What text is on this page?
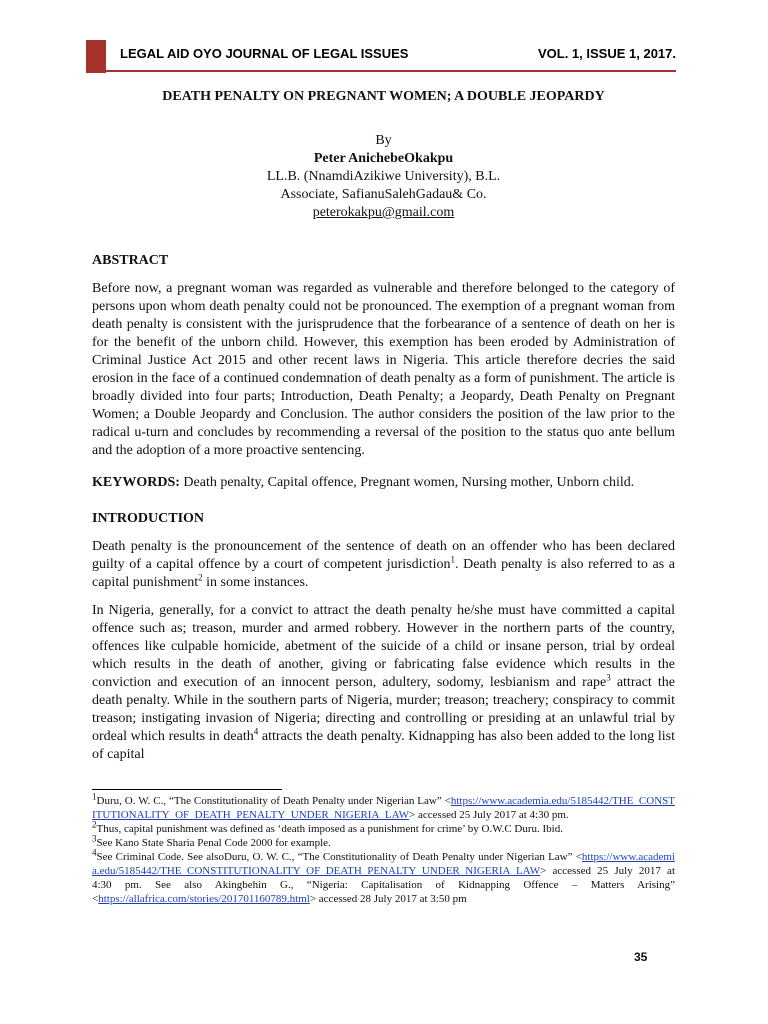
LEGAL AID OYO JOURNAL OF LEGAL ISSUES	VOL. 1, ISSUE 1, 2017.
DEATH PENALTY ON PREGNANT WOMEN; A DOUBLE JEOPARDY
By
Peter AnichebeOkakpu
LL.B. (NnamdiAzikiwe University), B.L.
Associate, SafianuSalehGadau& Co.
peterokakpu@gmail.com
ABSTRACT

Before now, a pregnant woman was regarded as vulnerable and therefore belonged to the category of persons upon whom death penalty could not be pronounced. The exemption of a pregnant woman from death penalty is consistent with the jurisprudence that the forbearance of a sentence of death on her is for the benefit of the unborn child. However, this exemption has been eroded by Administration of Criminal Justice Act 2015 and other recent laws in Nigeria. This article therefore decries the said erosion in the face of a continued condemnation of death penalty as a form of punishment. The article is broadly divided into four parts; Introduction, Death Penalty; a Jeopardy, Death Penalty on Pregnant Women; a Double Jeopardy and Conclusion. The author considers the position of the law prior to the radical u-turn and concludes by recommending a reversal of the position to the status quo ante bellum and the adoption of a more proactive sentencing.

KEYWORDS: Death penalty, Capital offence, Pregnant women, Nursing mother, Unborn child.

INTRODUCTION

Death penalty is the pronouncement of the sentence of death on an offender who has been declared guilty of a capital offence by a court of competent jurisdiction$^1$. Death penalty is also referred to as a capital punishment$^2$ in some instances.

In Nigeria, generally, for a convict to attract the death penalty he/she must have committed a capital offence such as; treason, murder and armed robbery. However in the northern parts of the country, offences like culpable homicide, abetment of the suicide of a child or insane person, trial by ordeal which results in the death of another, giving or fabricating false evidence which results in the conviction and execution of an innocent person, adultery, sodomy, lesbianism and rape$^3$ attract the death penalty. While in the southern parts of Nigeria, murder; treason; treachery; conspiracy to commit treason; instigating invasion of Nigeria; directing and controlling or presiding at an unlawful trial by ordeal which results in death$^4$ attracts the death penalty. Kidnapping has also been added to the long list of capital

$^1$Duru, O. W. C., “The Constitutionality of Death Penalty under Nigerian Law” <https://www.academia.edu/5185442/THE_CONSTITUTIONALITY_OF_DEATH_PENALTY_UNDER_NIGERIA_LAW> accessed 25 July 2017 at 4:30 pm.

$^2$Thus, capital punishment was defined as ‘death imposed as a punishment for crime’ by O.W.C Duru. Ibid.

$^3$See Kano State Sharia Penal Code 2000 for example.

$^4$See Criminal Code. See alsoDuru, O. W. C., “The Constitutionality of Death Penalty under Nigerian Law” <https://www.academia.edu/5185442/THE_CONSTITUTIONALITY_OF_DEATH_PENALTY_UNDER_NIGERIA_LAW> accessed 25 July 2017 at 4:30 pm. See also Akingbehin G., “Nigeria: Capitalisation of Kidnapping Offence – Matters Arising” <https://allafrica.com/stories/201701160789.html> accessed 28 July 2017 at 3:50 pm

35
